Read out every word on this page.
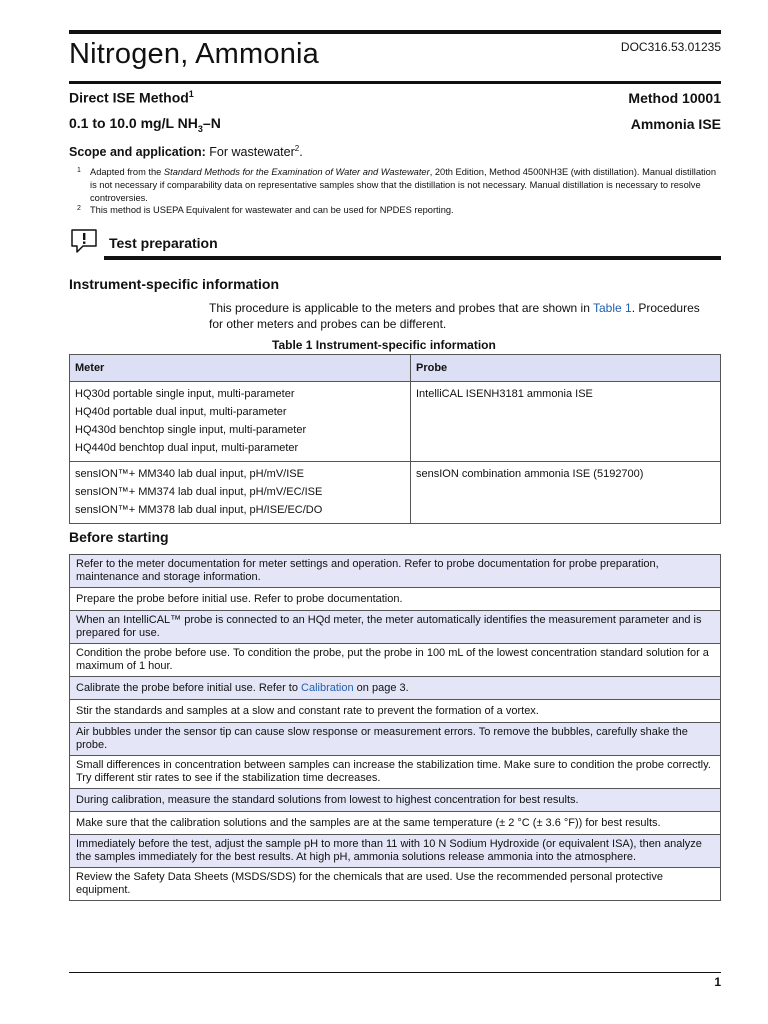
Nitrogen, Ammonia	DOC316.53.01235
Direct ISE Method$^1$	Method 10001
0.1 to 10.0 mg/L $NH_3-N$	Ammonia ISE
Scope and application: For wastewater$^2$.
1 Adapted from the Standard Methods for the Examination of Water and Wastewater, 20th Edition, Method 4500NH3E (with distillation). Manual distillation is not necessary if comparability data on representative samples show that the distillation is not necessary. Manual distillation is necessary to resolve controversies.
2 This method is USEPA Equivalent for wastewater and can be used for NPDES reporting.
Test preparation
Instrument-specific information
This procedure is applicable to the meters and probes that are shown in Table 1. Procedures for other meters and probes can be different.
Table 1 Instrument-specific information
Meter	Probe

HQ30d portable single input, multi-parameter
HQ40d portable dual input, multi-parameter
HQ430d benchtop single input, multi-parameter
HQ440d benchtop dual input, multi-parameter	IntelliCAL ISENH3181 ammonia ISE

sensION™+ MM340 lab dual input, pH/mV/ISE
sensION™+ MM374 lab dual input, pH/mV/EC/ISE
sensION™+ MM378 lab dual input, pH/ISE/EC/DO	sensION combination ammonia ISE (5192700)
Before starting
Refer to the meter documentation for meter settings and operation. Refer to probe documentation for probe preparation, maintenance and storage information.
Prepare the probe before initial use. Refer to probe documentation.
When an IntelliCAL™ probe is connected to an HQd meter, the meter automatically identifies the measurement parameter and is prepared for use.
Condition the probe before use. To condition the probe, put the probe in 100 mL of the lowest concentration standard solution for a maximum of 1 hour.
Calibrate the probe before initial use. Refer to Calibration on page 3.
Stir the standards and samples at a slow and constant rate to prevent the formation of a vortex.
Air bubbles under the sensor tip can cause slow response or measurement errors. To remove the bubbles, carefully shake the probe.
Small differences in concentration between samples can increase the stabilization time. Make sure to condition the probe correctly. Try different stir rates to see if the stabilization time decreases.
During calibration, measure the standard solutions from lowest to highest concentration for best results.
Make sure that the calibration solutions and the samples are at the same temperature (± 2 °C (± 3.6 °F)) for best results.
Immediately before the test, adjust the sample pH to more than 11 with 10 N Sodium Hydroxide (or equivalent ISA), then analyze the samples immediately for the best results. At high pH, ammonia solutions release ammonia into the atmosphere.
Review the Safety Data Sheets (MSDS/SDS) for the chemicals that are used. Use the recommended personal protective equipment.
1
